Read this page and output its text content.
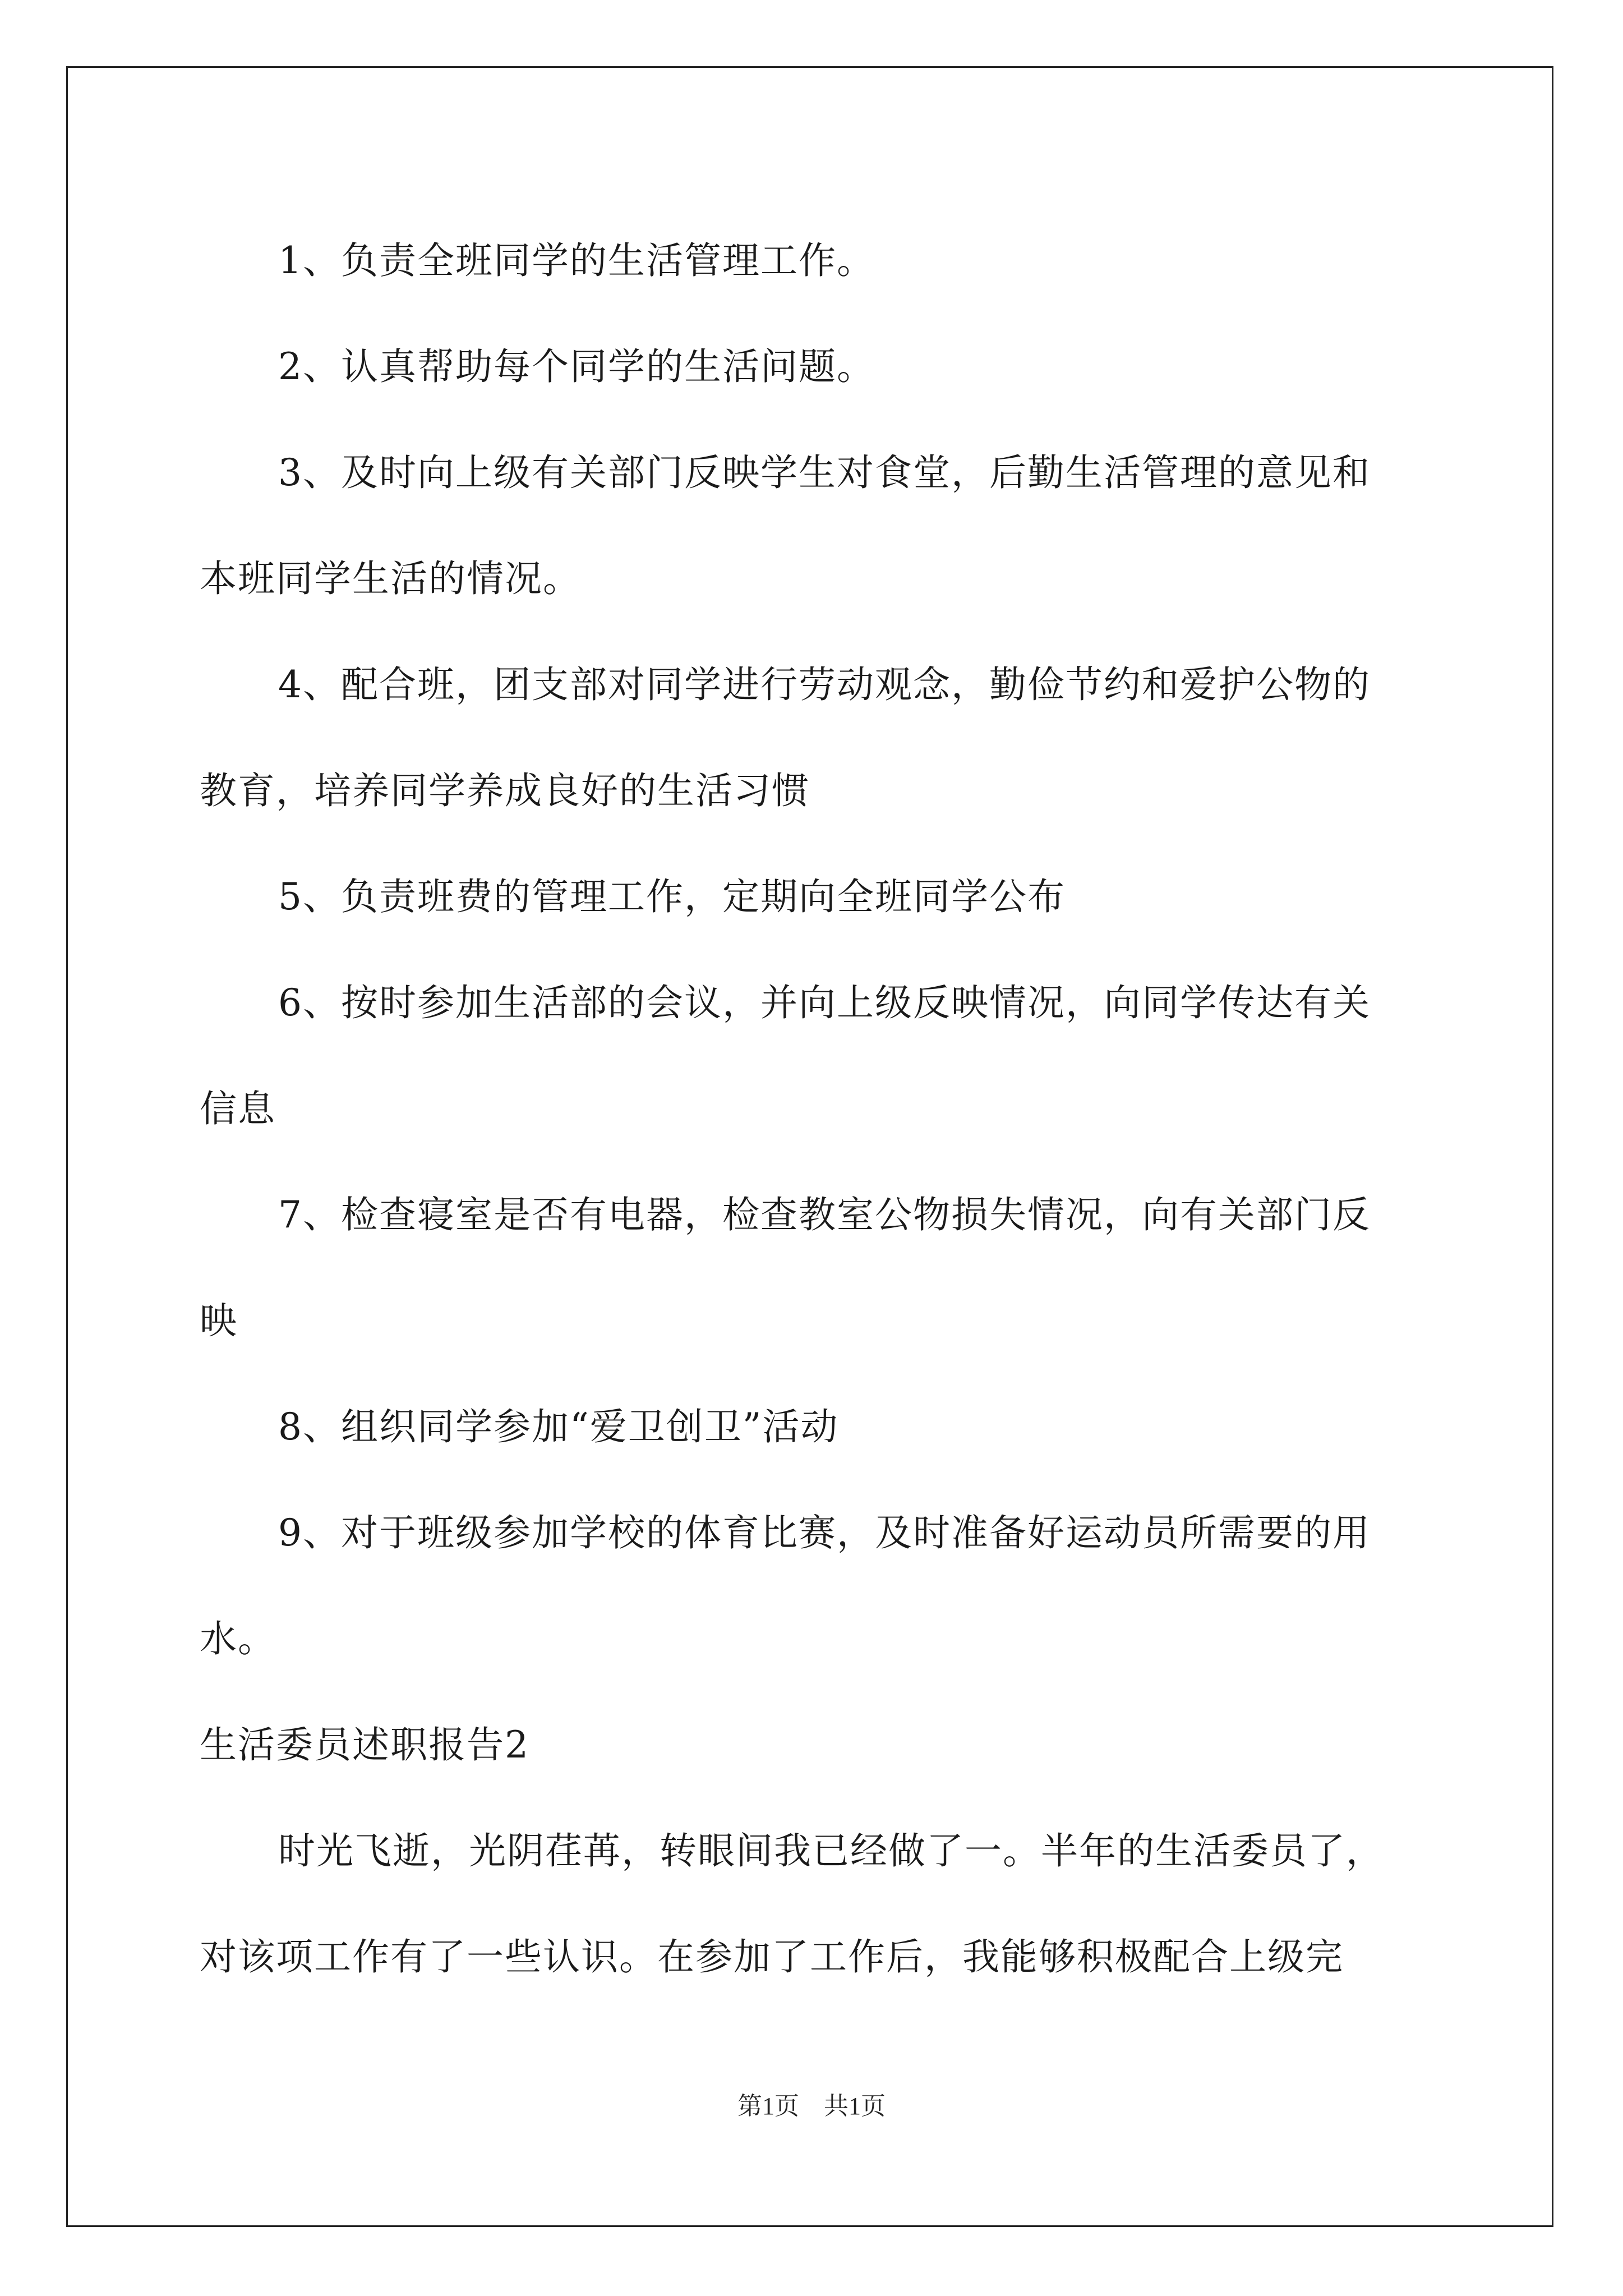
1、负责全班同学的生活管理工作。

2、认真帮助每个同学的生活问题。

3、及时向上级有关部门反映学生对食堂，后勤生活管理的意见和

本班同学生活的情况。

4、配合班，团支部对同学进行劳动观念，勤俭节约和爱护公物的

教育，培养同学养成良好的生活习惯

5、负责班费的管理工作，定期向全班同学公布

6、按时参加生活部的会议，并向上级反映情况，向同学传达有关

信息

7、检查寝室是否有电器，检查教室公物损失情况，向有关部门反

映

8、组织同学参加“爱卫创卫”活动

9、对于班级参加学校的体育比赛，及时准备好运动员所需要的用

水。

生活委员述职报告2

时光飞逝，光阴荏苒，转眼间我已经做了一。半年的生活委员了，

对该项工作有了一些认识。在参加了工作后，我能够积极配合上级完

第1页　共1页
